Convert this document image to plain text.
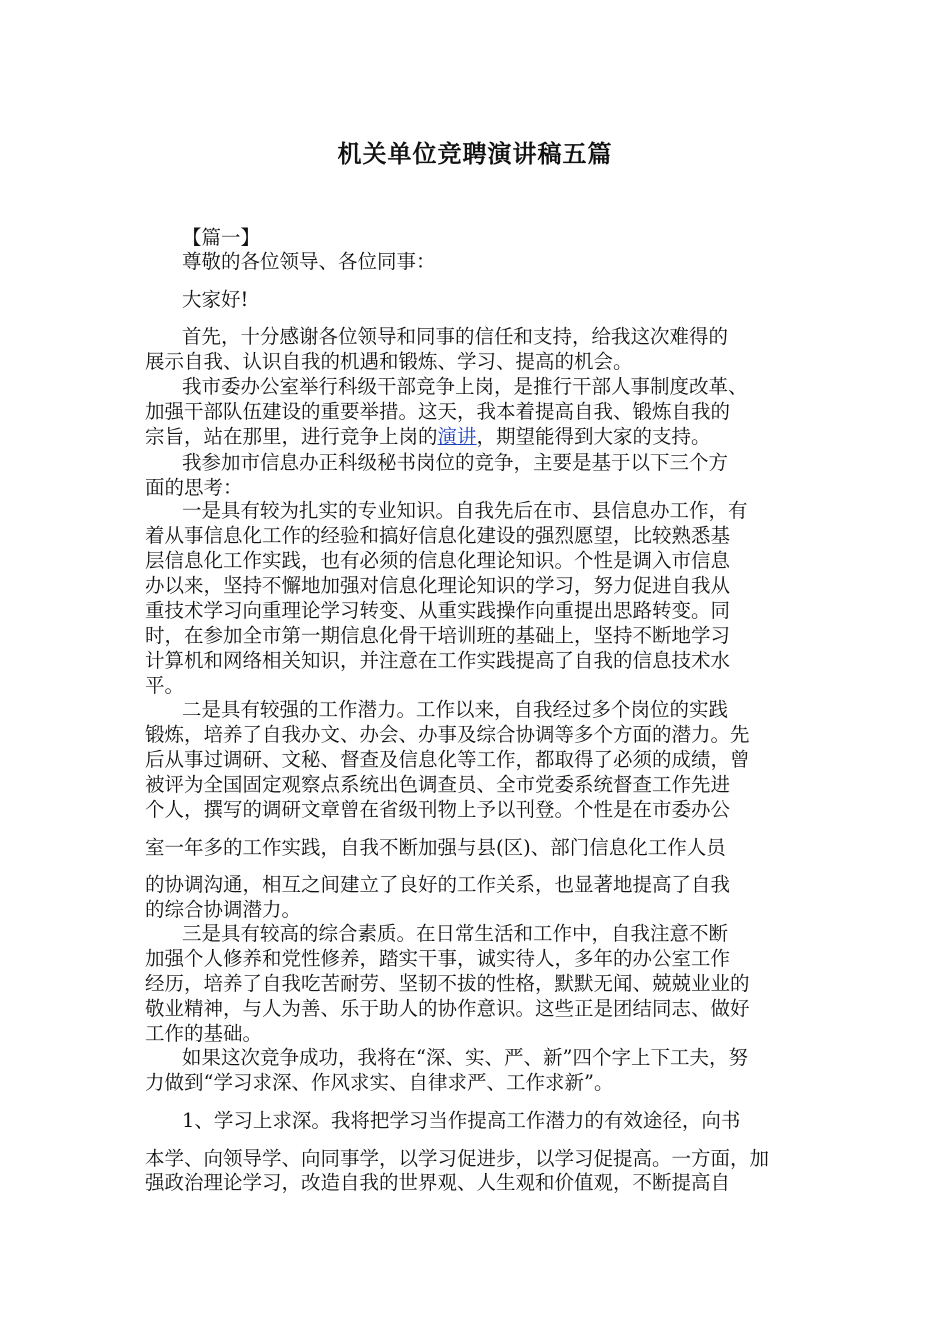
机关单位竞聘演讲稿五篇
【篇一】
尊敬的各位领导、各位同事：
大家好!
首先，十分感谢各位领导和同事的信任和支持，给我这次难得的
展示自我、认识自我的机遇和锻炼、学习、提高的机会。
我市委办公室举行科级干部竞争上岗，是推行干部人事制度改革、
加强干部队伍建设的重要举措。这天，我本着提高自我、锻炼自我的
宗旨，站在那里，进行竞争上岗的演讲，期望能得到大家的支持。
我参加市信息办正科级秘书岗位的竞争，主要是基于以下三个方
面的思考：
一是具有较为扎实的专业知识。自我先后在市、县信息办工作，有
着从事信息化工作的经验和搞好信息化建设的强烈愿望，比较熟悉基
层信息化工作实践，也有必须的信息化理论知识。个性是调入市信息
办以来，坚持不懈地加强对信息化理论知识的学习，努力促进自我从
重技术学习向重理论学习转变、从重实践操作向重提出思路转变。同
时，在参加全市第一期信息化骨干培训班的基础上，坚持不断地学习
计算机和网络相关知识，并注意在工作实践提高了自我的信息技术水
平。
二是具有较强的工作潜力。工作以来，自我经过多个岗位的实践
锻炼，培养了自我办文、办会、办事及综合协调等多个方面的潜力。先
后从事过调研、文秘、督查及信息化等工作，都取得了必须的成绩，曾
被评为全国固定观察点系统出色调查员、全市党委系统督查工作先进
个人，撰写的调研文章曾在省级刊物上予以刊登。个性是在市委办公
室一年多的工作实践，自我不断加强与县(区)、部门信息化工作人员
的协调沟通，相互之间建立了良好的工作关系，也显著地提高了自我
的综合协调潜力。
三是具有较高的综合素质。在日常生活和工作中，自我注意不断
加强个人修养和党性修养，踏实干事，诚实待人，多年的办公室工作
经历，培养了自我吃苦耐劳、坚韧不拔的性格，默默无闻、兢兢业业的
敬业精神，与人为善、乐于助人的协作意识。这些正是团结同志、做好
工作的基础。
如果这次竞争成功，我将在“深、实、严、新”四个字上下工夫，努
力做到“学习求深、作风求实、自律求严、工作求新”。
1、学习上求深。我将把学习当作提高工作潜力的有效途径，向书
本学、向领导学、向同事学，以学习促进步，以学习促提高。一方面，加
强政治理论学习，改造自我的世界观、人生观和价值观，不断提高自
